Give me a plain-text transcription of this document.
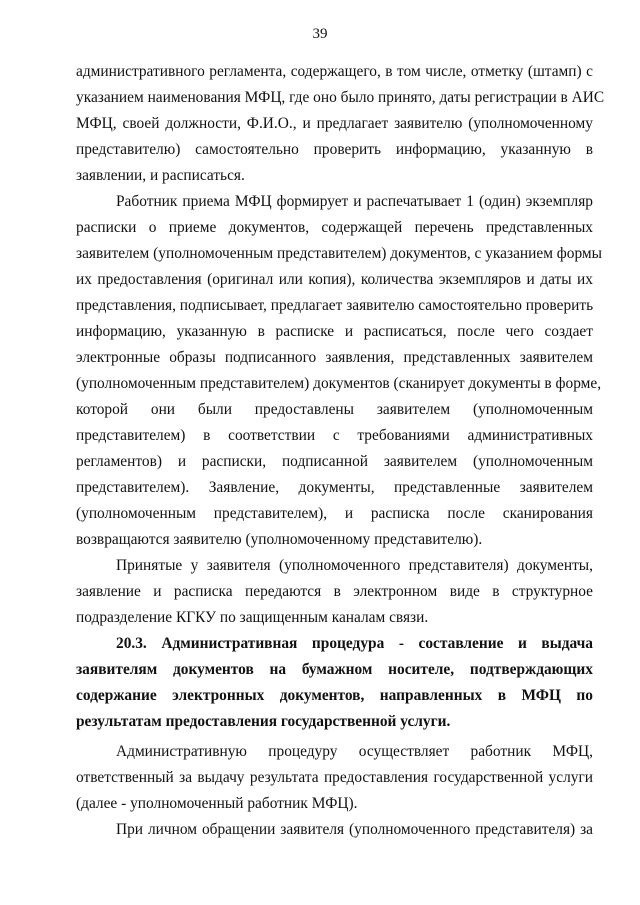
39
административного регламента, содержащего, в том числе, отметку (штамп) с
указанием наименования МФЦ, где оно было принято, даты регистрации в АИС
МФЦ, своей должности, Ф.И.О., и предлагает заявителю (уполномоченному
представителю) самостоятельно проверить информацию, указанную в
заявлении, и расписаться.
Работник приема МФЦ формирует и распечатывает 1 (один) экземпляр
расписки о приеме документов, содержащей перечень представленных
заявителем (уполномоченным представителем) документов, с указанием формы
их предоставления (оригинал или копия), количества экземпляров и даты их
представления, подписывает, предлагает заявителю самостоятельно проверить
информацию, указанную в расписке и расписаться, после чего создает
электронные образы подписанного заявления, представленных заявителем
(уполномоченным представителем) документов (сканирует документы в форме,
которой они были предоставлены заявителем (уполномоченным
представителем) в соответствии с требованиями административных
регламентов) и расписки, подписанной заявителем (уполномоченным
представителем). Заявление, документы, представленные заявителем
(уполномоченным представителем), и расписка после сканирования
возвращаются заявителю (уполномоченному представителю).
Принятые у заявителя (уполномоченного представителя) документы,
заявление и расписка передаются в электронном виде в структурное
подразделение КГКУ по защищенным каналам связи.
20.3. Административная процедура - составление и выдача
заявителям документов на бумажном носителе, подтверждающих
содержание электронных документов, направленных в МФЦ по
результатам предоставления государственной услуги.
Административную процедуру осуществляет работник МФЦ,
ответственный за выдачу результата предоставления государственной услуги
(далее - уполномоченный работник МФЦ).
При личном обращении заявителя (уполномоченного представителя) за
